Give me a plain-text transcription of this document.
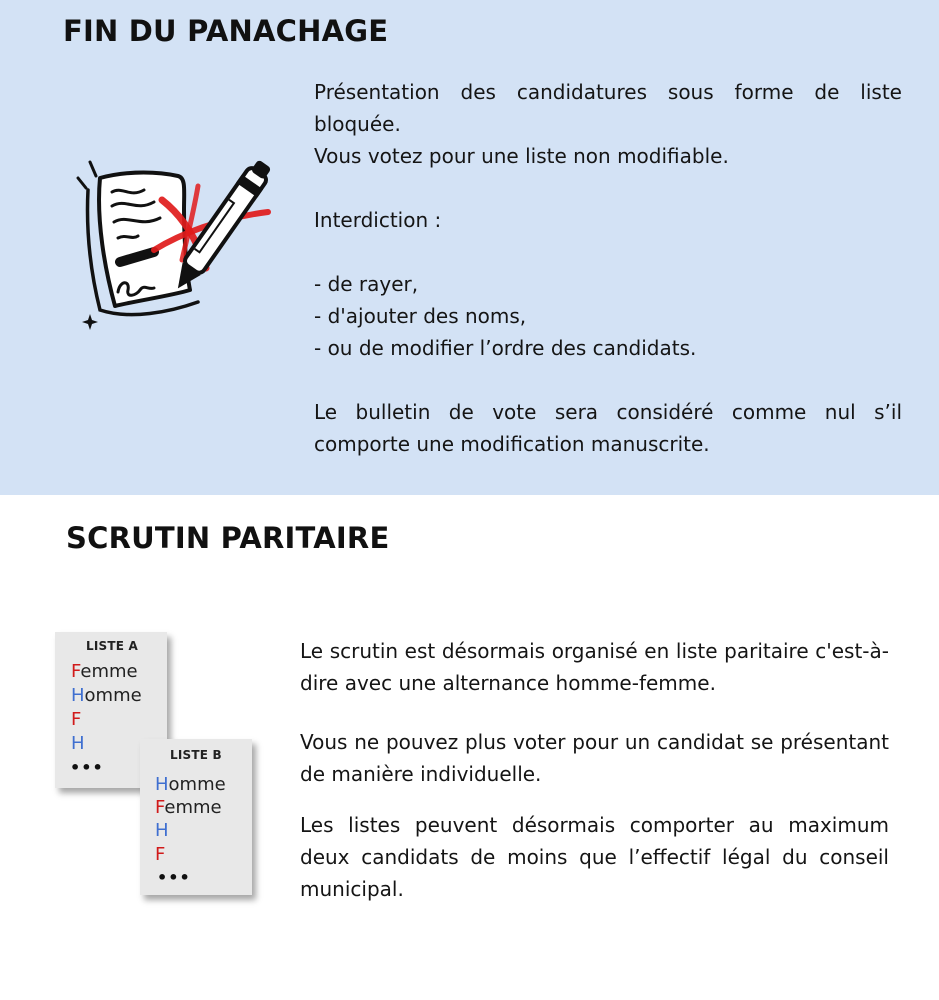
FIN DU PANACHAGE

Présentation des candidatures sous forme de liste bloquée.

Vous votez pour une liste non modifiable.

Interdiction :

- de rayer,

- d'ajouter des noms,

- ou de modifier l’ordre des candidats.

Le bulletin de vote sera considéré comme nul s’il comporte une modification manuscrite.

SCRUTIN PARITAIRE
LISTE A
Femme
Homme
F
H
•••
LISTE B
Homme
Femme
H
F
•••

Le scrutin est désormais organisé en liste paritaire c'est-à-dire avec une alternance homme-femme.

Vous ne pouvez plus voter pour un candidat se présentant de manière individuelle.

Les listes peuvent désormais comporter au maximum deux candidats de moins que l’effectif légal du conseil municipal.
